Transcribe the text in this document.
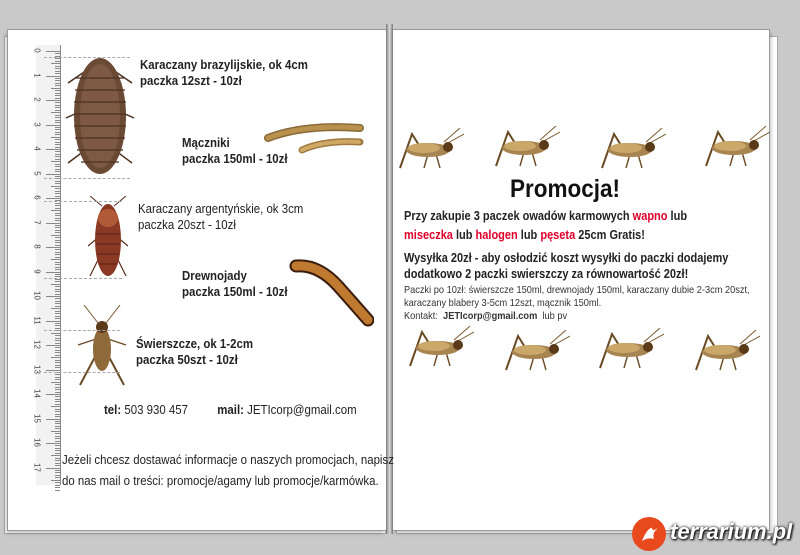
0
1
2
3
4
5
6
7
8
9
10
11
12
13
14
15
16
17
Karaczany brazylijskie, ok 4cm
paczka 12szt - 10zł
Mączniki
paczka 150ml - 10zł
Karaczany argentyńskie, ok 3cm
paczka 20szt - 10zł
Drewnojady
paczka 150ml - 10zł
Świerszcze, ok 1-2cm
paczka 50szt - 10zł
tel: 503 930 457 mail: JETIcorp@gmail.com
Jeżeli chcesz dostawać informacje o naszych promocjach, napisz
do nas mail o treści: promocje/agamy lub promocje/karmówka.
Promocja!
Przy zakupie 3 paczek owadów karmowych wapno lub
miseczka lub halogen lub pęseta 25cm Gratis!
Wysyłka 20zł - aby osłodzić koszt wysyłki do paczki dodajemy
dodatkowo 2 paczki swierszczy za równowartość 20zł!
Paczki po 10zł: świerszcze 150ml, drewnojady 150ml, karaczany dubie 2-3cm 20szt,
karaczany blabery 3-5cm 12szt, mącznik 150ml.
Kontakt: JETIcorp@gmail.com lub pv
terrarium.pl
